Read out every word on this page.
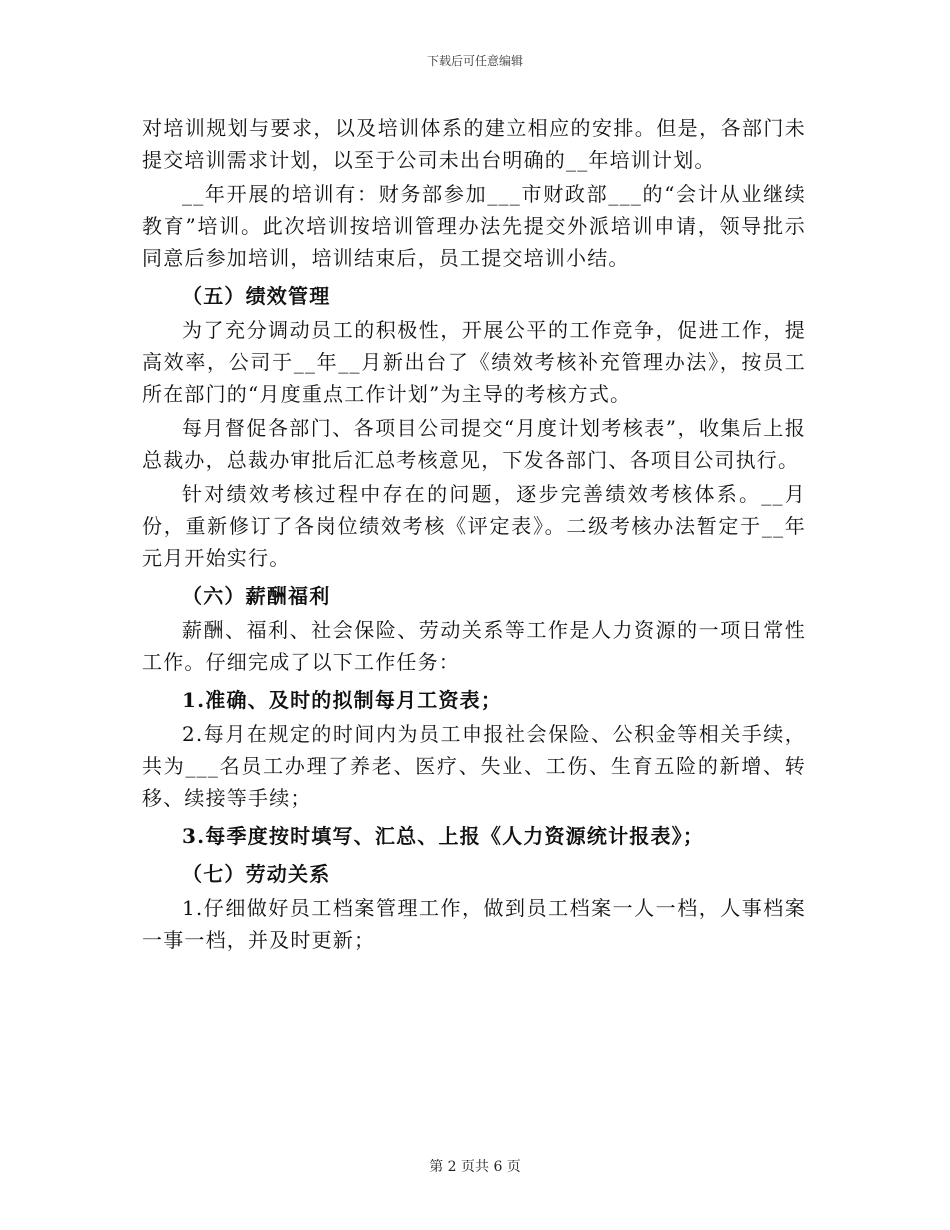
下载后可任意编辑

对培训规划与要求，以及培训体系的建立相应的安排。但是，各部门未提交培训需求计划，以至于公司未出台明确的__年培训计划。

__年开展的培训有：财务部参加___市财政部___的“会计从业继续教育”培训。此次培训按培训管理办法先提交外派培训申请，领导批示同意后参加培训，培训结束后，员工提交培训小结。

（五）绩效管理

为了充分调动员工的积极性，开展公平的工作竞争，促进工作，提高效率，公司于__年__月新出台了《绩效考核补充管理办法》，按员工所在部门的“月度重点工作计划”为主导的考核方式。

每月督促各部门、各项目公司提交“月度计划考核表”，收集后上报总裁办，总裁办审批后汇总考核意见，下发各部门、各项目公司执行。

针对绩效考核过程中存在的问题，逐步完善绩效考核体系。__月份，重新修订了各岗位绩效考核《评定表》。二级考核办法暂定于__年元月开始实行。

（六）薪酬福利

薪酬、福利、社会保险、劳动关系等工作是人力资源的一项日常性工作。仔细完成了以下工作任务：

1.准确、及时的拟制每月工资表；

2.每月在规定的时间内为员工申报社会保险、公积金等相关手续，共为___名员工办理了养老、医疗、失业、工伤、生育五险的新增、转移、续接等手续；

3.每季度按时填写、汇总、上报《人力资源统计报表》；

（七）劳动关系

1.仔细做好员工档案管理工作，做到员工档案一人一档，人事档案一事一档，并及时更新；

第 2 页共 6 页
